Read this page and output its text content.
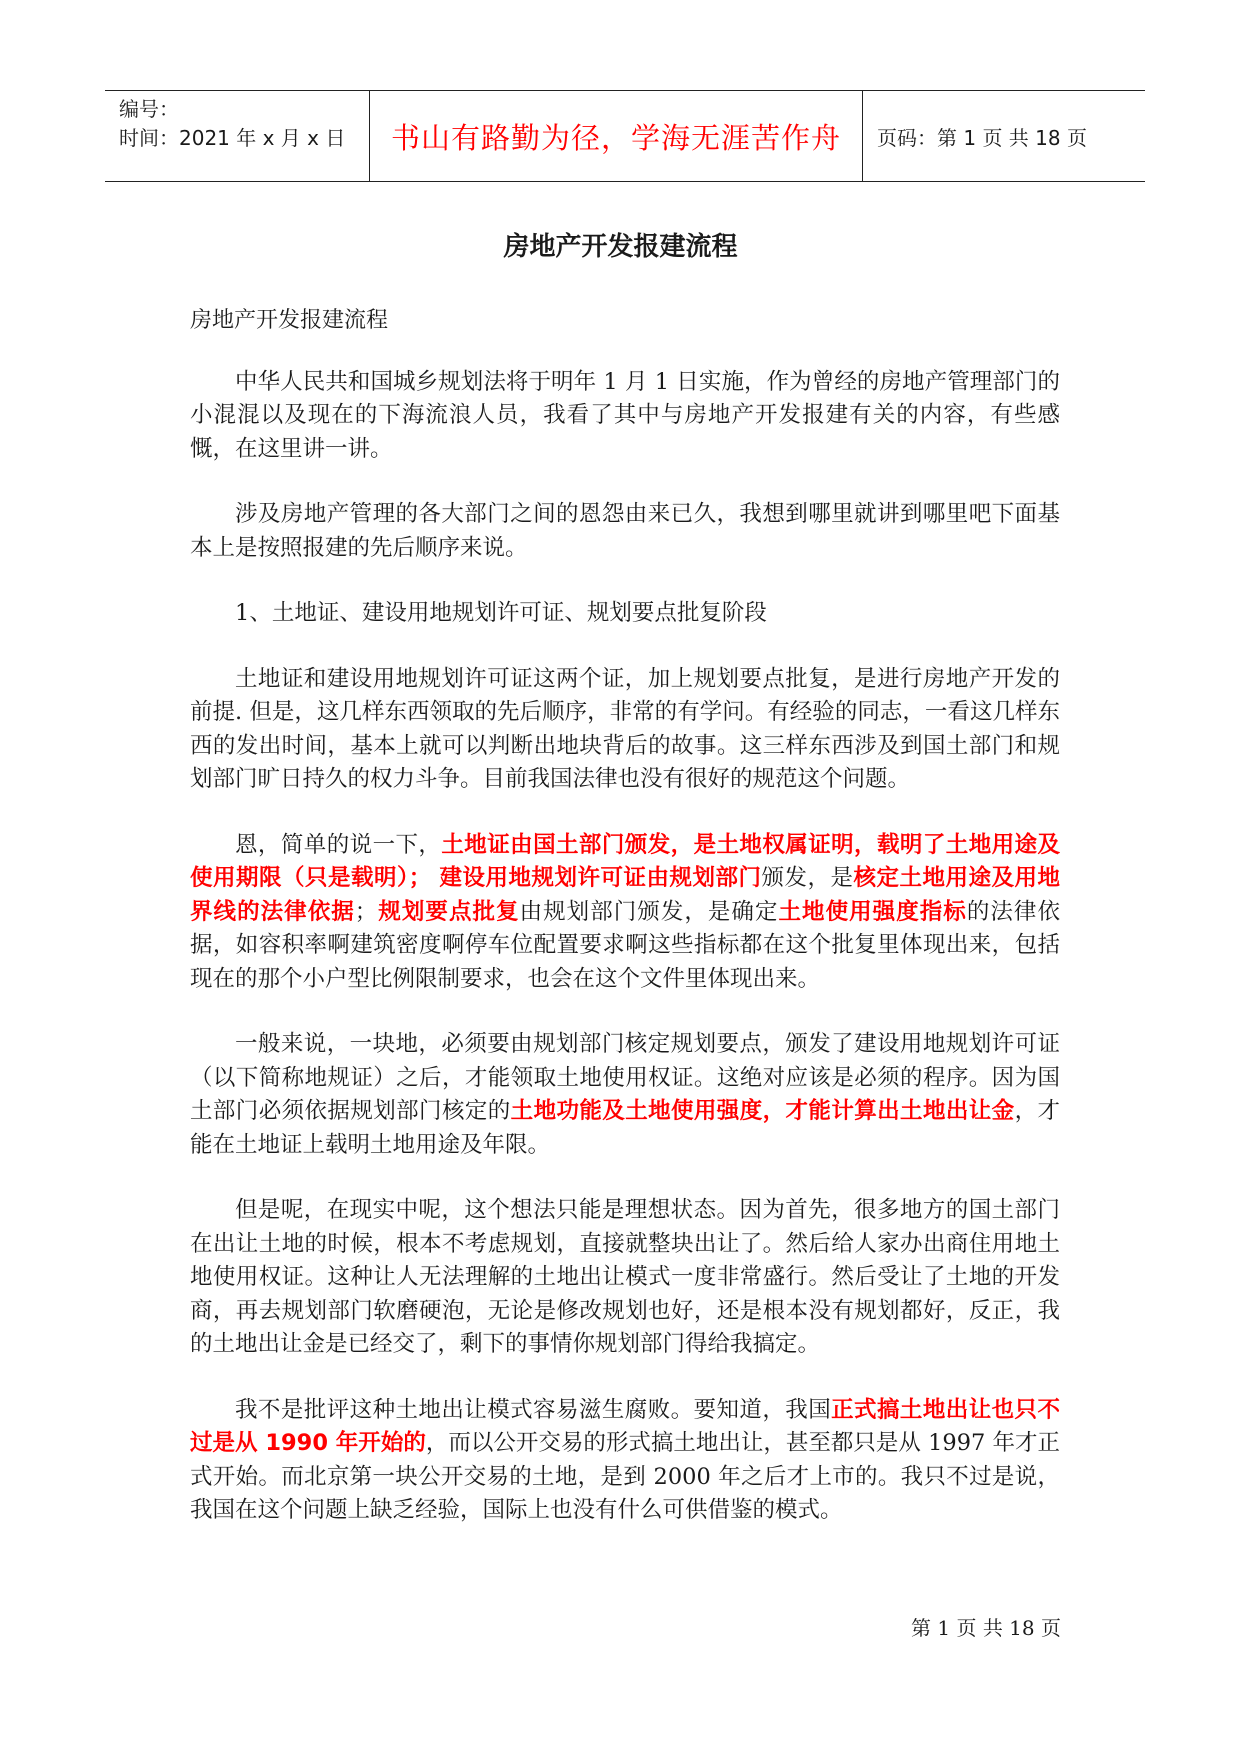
编号：
时间：2021 年 x 月 x 日	书山有路勤为径，学海无涯苦作舟	页码：第 1 页 共 18 页
房地产开发报建流程

房地产开发报建流程

中华人民共和国城乡规划法将于明年 1 月 1 日实施，作为曾经的房地产管理部门的小混混以及现在的下海流浪人员，我看了其中与房地产开发报建有关的内容，有些感慨，在这里讲一讲。

涉及房地产管理的各大部门之间的恩怨由来已久，我想到哪里就讲到哪里吧下面基本上是按照报建的先后顺序来说。

1、土地证、建设用地规划许可证、规划要点批复阶段

土地证和建设用地规划许可证这两个证，加上规划要点批复，是进行房地产开发的前提. 但是，这几样东西领取的先后顺序，非常的有学问。有经验的同志，一看这几样东西的发出时间，基本上就可以判断出地块背后的故事。这三样东西涉及到国土部门和规划部门旷日持久的权力斗争。目前我国法律也没有很好的规范这个问题。

恩，简单的说一下，土地证由国土部门颁发，是土地权属证明，载明了土地用途及使用期限（只是载明）； 建设用地规划许可证由规划部门颁发，是核定土地用途及用地界线的法律依据；规划要点批复由规划部门颁发，是确定土地使用强度指标的法律依据，如容积率啊建筑密度啊停车位配置要求啊这些指标都在这个批复里体现出来，包括现在的那个小户型比例限制要求，也会在这个文件里体现出来。

一般来说，一块地，必须要由规划部门核定规划要点，颁发了建设用地规划许可证（以下简称地规证）之后，才能领取土地使用权证。这绝对应该是必须的程序。因为国土部门必须依据规划部门核定的土地功能及土地使用强度，才能计算出土地出让金，才能在土地证上载明土地用途及年限。

但是呢，在现实中呢，这个想法只能是理想状态。因为首先，很多地方的国土部门在出让土地的时候，根本不考虑规划，直接就整块出让了。然后给人家办出商住用地土地使用权证。这种让人无法理解的土地出让模式一度非常盛行。然后受让了土地的开发商，再去规划部门软磨硬泡，无论是修改规划也好，还是根本没有规划都好，反正，我的土地出让金是已经交了，剩下的事情你规划部门得给我搞定。

我不是批评这种土地出让模式容易滋生腐败。要知道，我国正式搞土地出让也只不过是从 1990 年开始的，而以公开交易的形式搞土地出让，甚至都只是从 1997 年才正式开始。而北京第一块公开交易的土地，是到 2000 年之后才上市的。我只不过是说，我国在这个问题上缺乏经验，国际上也没有什么可供借鉴的模式。

第 1 页 共 18 页
